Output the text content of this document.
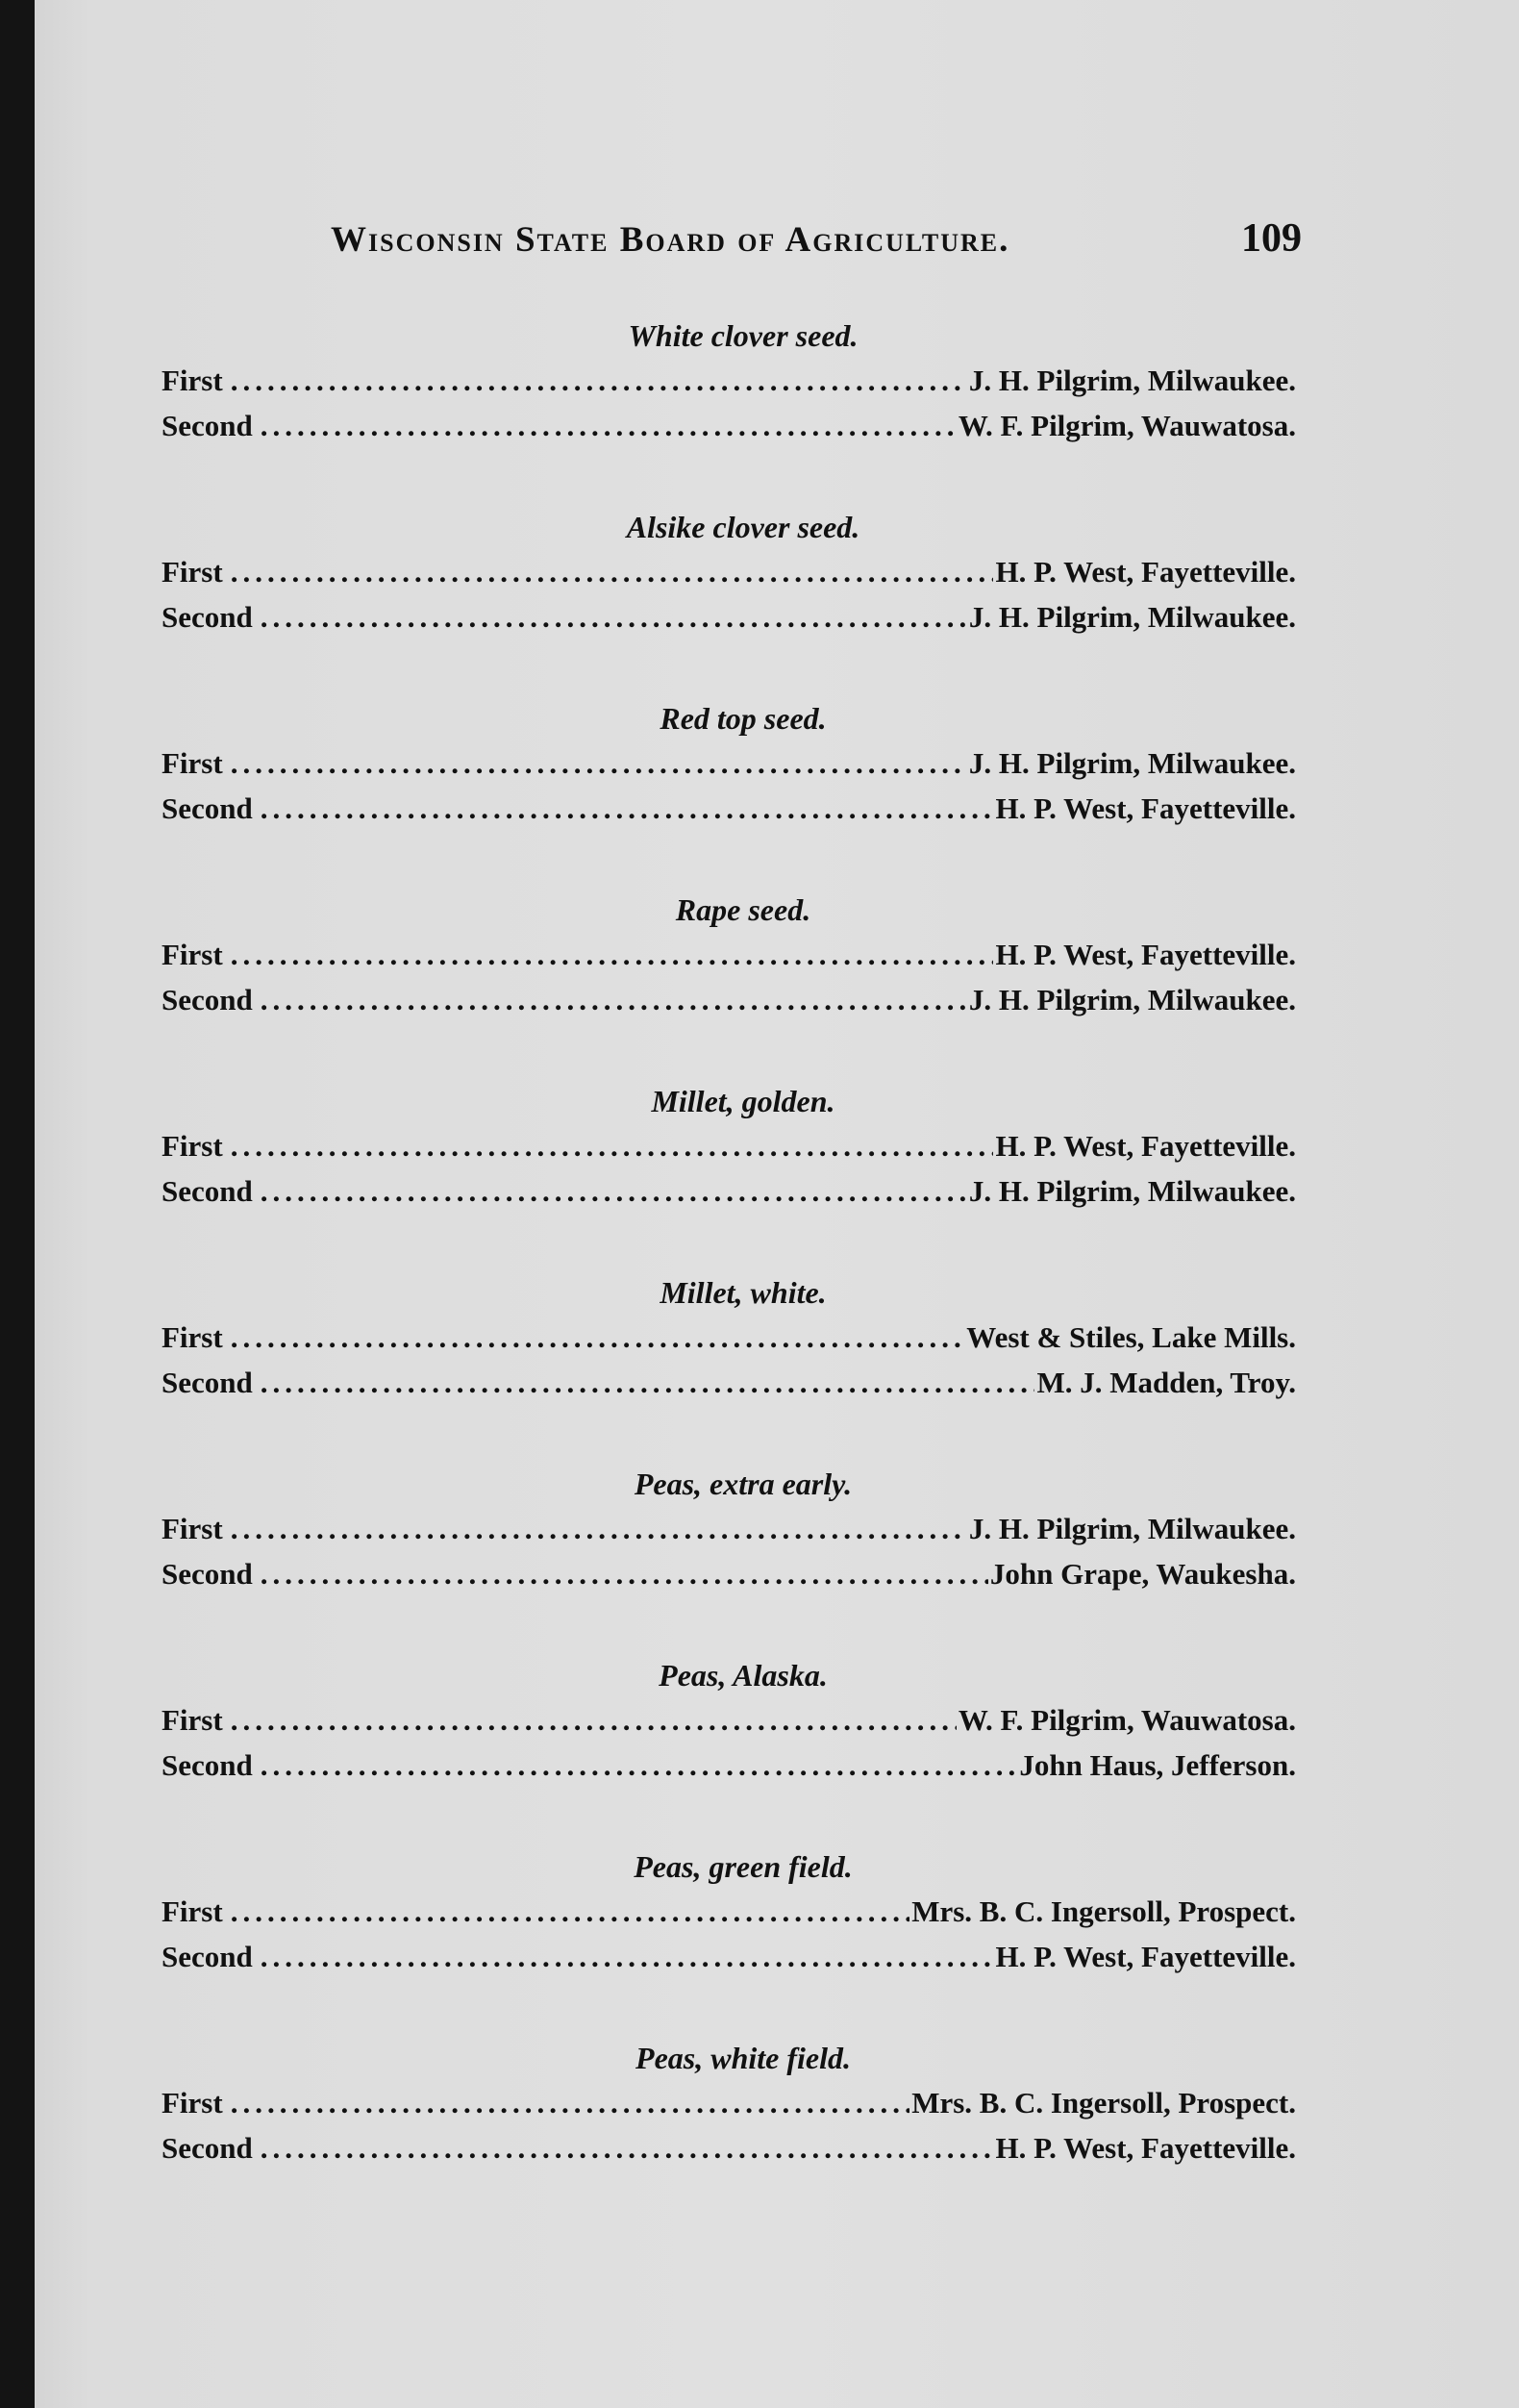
Wisconsin State Board of Agriculture.	109
White clover seed.
First .....	J. H. Pilgrim, Milwaukee.
Second .....	W. F. Pilgrim, Wauwatosa.
Alsike clover seed.
First .....	H. P. West, Fayetteville.
Second .....	J. H. Pilgrim, Milwaukee.
Red top seed.
First .....	J. H. Pilgrim, Milwaukee.
Second .....	H. P. West, Fayetteville.
Rape seed.
First .....	H. P. West, Fayetteville.
Second .....	J. H. Pilgrim, Milwaukee.
Millet, golden.
First .....	H. P. West, Fayetteville.
Second .....	J. H. Pilgrim, Milwaukee.
Millet, white.
First .....	West & Stiles, Lake Mills.
Second .....	M. J. Madden, Troy.
Peas, extra early.
First .....	J. H. Pilgrim, Milwaukee.
Second .....	John Grape, Waukesha.
Peas, Alaska.
First .....	W. F. Pilgrim, Wauwatosa.
Second .....	John Haus, Jefferson.
Peas, green field.
First .....	Mrs. B. C. Ingersoll, Prospect.
Second .....	H. P. West, Fayetteville.
Peas, white field.
First .....	Mrs. B. C. Ingersoll, Prospect.
Second .....	H. P. West, Fayetteville.
